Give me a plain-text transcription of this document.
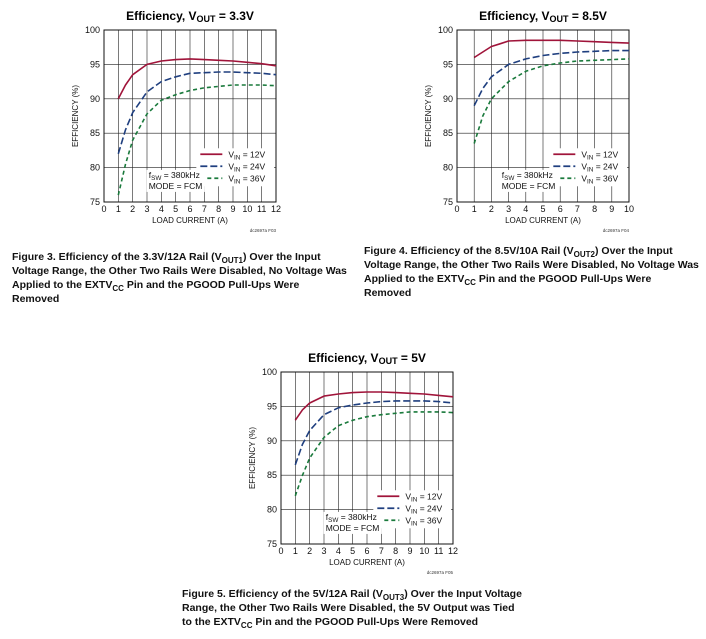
Efficiency, VOUT = 3.3V
0 1 2 3 4 5 6 7 8 9 10 11 12
75
80
85
90
95
100
LOAD CURRENT (A)
EFFICIENCY (%)
dc2697a F03
VIN = 12V
VIN = 24V
VIN = 36V
fSW = 380kHz
MODE = FCM
Efficiency, VOUT = 8.5V
0 1 2 3 4 5 6 7 8 9 10
75
80
85
90
95
100
LOAD CURRENT (A)
EFFICIENCY (%)
dc2697a F04
VIN = 12V
VIN = 24V
VIN = 36V
fSW = 380kHz
MODE = FCM
Efficiency, VOUT = 5V
0 1 2 3 4 5 6 7 8 9 10 11 12
75
80
85
90
95
100
LOAD CURRENT (A)
EFFICIENCY (%)
dc2697a F05
VIN = 12V
VIN = 24V
VIN = 36V
fSW = 380kHz
MODE = FCM
Figure 3. Efficiency of the 3.3V/12A Rail $(V_{OUT1})$ Over the Input Voltage Range, the Other Two Rails Were Disabled, No Voltage Was Applied to the $EXTV_{CC}$ Pin and the PGOOD Pull-Ups Were Removed
Figure 4. Efficiency of the 8.5V/10A Rail $(V_{OUT2})$ Over the Input Voltage Range, the Other Two Rails Were Disabled, No Voltage Was Applied to the $EXTV_{CC}$ Pin and the PGOOD Pull-Ups Were Removed
Figure 5. Efficiency of the 5V/12A Rail $(V_{OUT3})$ Over the Input Voltage Range, the Other Two Rails Were Disabled, the 5V Output was Tied to the $EXTV_{CC}$ Pin and the PGOOD Pull-Ups Were Removed
